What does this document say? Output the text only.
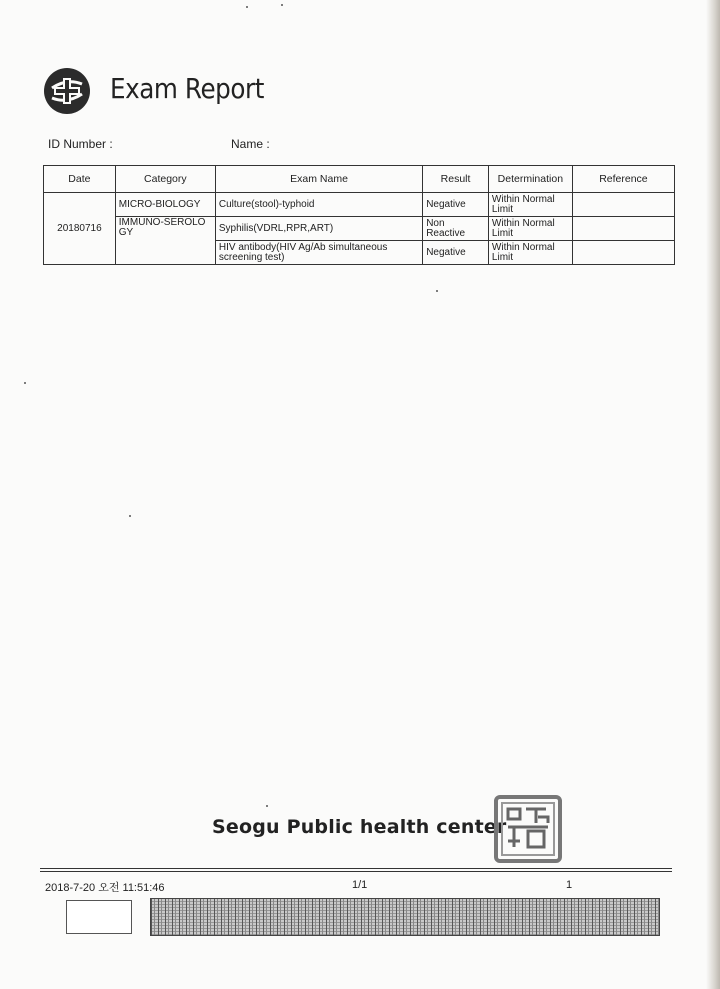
Exam Report
ID Number :	Name :
Date	Category	Exam Name	Result	Determination	Reference
20180716	MICRO-BIOLOGY	Culture(stool)-typhoid	Negative	Within Normal Limit	
	IMMUNO-SEROLOGY	Syphilis(VDRL,RPR,ART)	Non Reactive	Within Normal Limit	
		HIV antibody(HIV Ag/Ab simultaneous screening test)	Negative	Within Normal Limit	
Seogu Public health center
2018-7-20 오전 11:51:46	1/1	1
